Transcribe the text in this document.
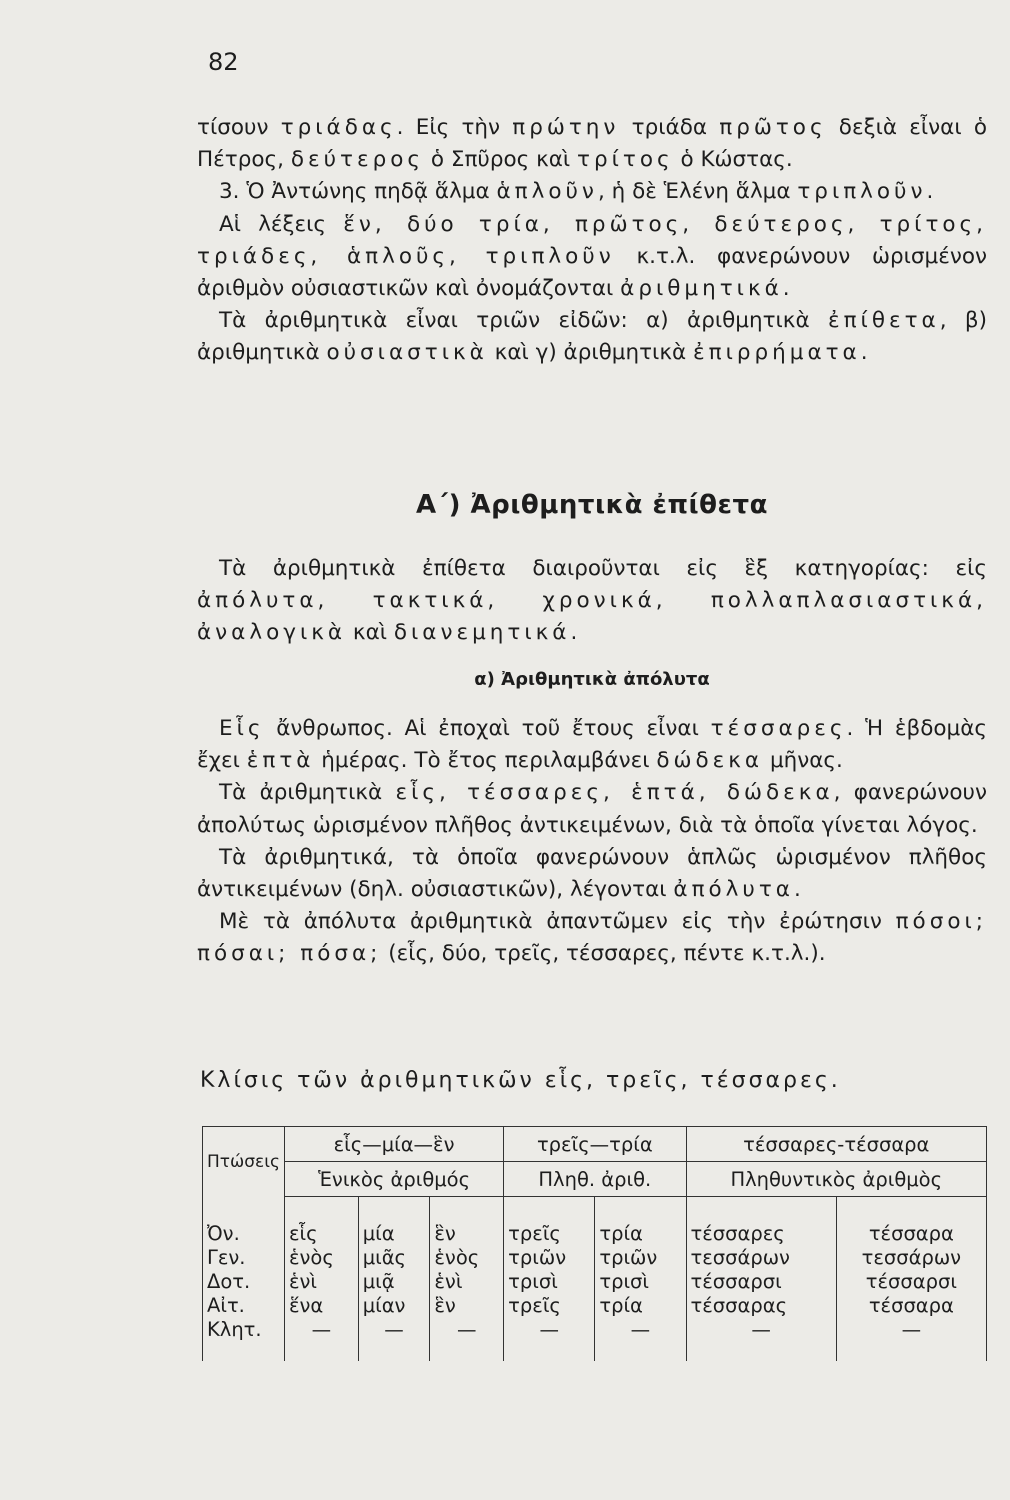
82

τίσουν τριάδας. Εἰς τὴν πρώτην τριάδα πρῶτος δεξιὰ εἶναι ὁ Πέτρος, δεύτερος ὁ Σπῦρος καὶ τρίτος ὁ Κώστας.

3. Ὁ Ἀντώνης πηδᾷ ἅλμα ἁπλοῦν, ἡ δὲ Ἑλένη ἅλμα τριπλοῦν.

Αἱ λέξεις ἕν, δύο τρία, πρῶτος, δεύτερος, τρίτος, τριάδες, ἁπλοῦς, τριπλοῦν κ.τ.λ. φανερώνουν ὡρισμένον ἀριθμὸν οὐσιαστικῶν καὶ ὀνομάζονται ἀριθμητικά.

Τὰ ἀριθμητικὰ εἶναι τριῶν εἰδῶν: α) ἀριθμητικὰ ἐπίθετα, β) ἀριθμητικὰ οὐσιαστικὰ καὶ γ) ἀριθμητικὰ ἐπιρρήματα.

Α΄) Ἀριθμητικὰ ἐπίθετα

Τὰ ἀριθμητικὰ ἐπίθετα διαιροῦνται εἰς ἓξ κατηγορίας: εἰς ἀπόλυτα, τακτικά, χρονικά, πολλαπλασιαστικά, ἀναλογικὰ καὶ διανεμητικά.

α) Ἀριθμητικὰ ἀπόλυτα

Εἷς ἄνθρωπος. Αἱ ἐποχαὶ τοῦ ἔτους εἶναι τέσσαρες. Ἡ ἑβδομὰς ἔχει ἑπτὰ ἡμέρας. Τὸ ἔτος περιλαμβάνει δώδεκα μῆνας.

Τὰ ἀριθμητικὰ εἷς, τέσσαρες, ἑπτά, δώδεκα, φανερώνουν ἀπολύτως ὡρισμένον πλῆθος ἀντικειμένων, διὰ τὰ ὁποῖα γίνεται λόγος.

Τὰ ἀριθμητικά, τὰ ὁποῖα φανερώνουν ἁπλῶς ὡρισμένον πλῆθος ἀντικειμένων (δηλ. οὐσιαστικῶν), λέγονται ἀπόλυτα.

Μὲ τὰ ἀπόλυτα ἀριθμητικὰ ἀπαντῶμεν εἰς τὴν ἐρώτησιν πόσοι; πόσαι; πόσα; (εἷς, δύο, τρεῖς, τέσσαρες, πέντε κ.τ.λ.).

Κλίσις τῶν ἀριθμητικῶν εἷς, τρεῖς, τέσσαρες.
Πτώσεις	εἷς—μία—ἓν			τρεῖς—τρία		τέσσαρες-τέσσαρα	
	Ἑνικὸς ἀριθμός			Πληθ. ἀριθ.		Πληθυντικὸς ἀριθμὸς	

Ὀν.	εἷς	μία	ἓν	τρεῖς	τρία	τέσσαρες	τέσσαρα
Γεν.	ἑνὸς	μιᾶς	ἑνὸς	τριῶν	τριῶν	τεσσάρων	τεσσάρων
Δοτ.	ἑνὶ	μιᾷ	ἑνὶ	τρισὶ	τρισὶ	τέσσαρσι	τέσσαρσι
Αἰτ.	ἕνα	μίαν	ἓν	τρεῖς	τρία	τέσσαρας	τέσσαρα
Κλητ.	—	—	—	—	—	—	—
